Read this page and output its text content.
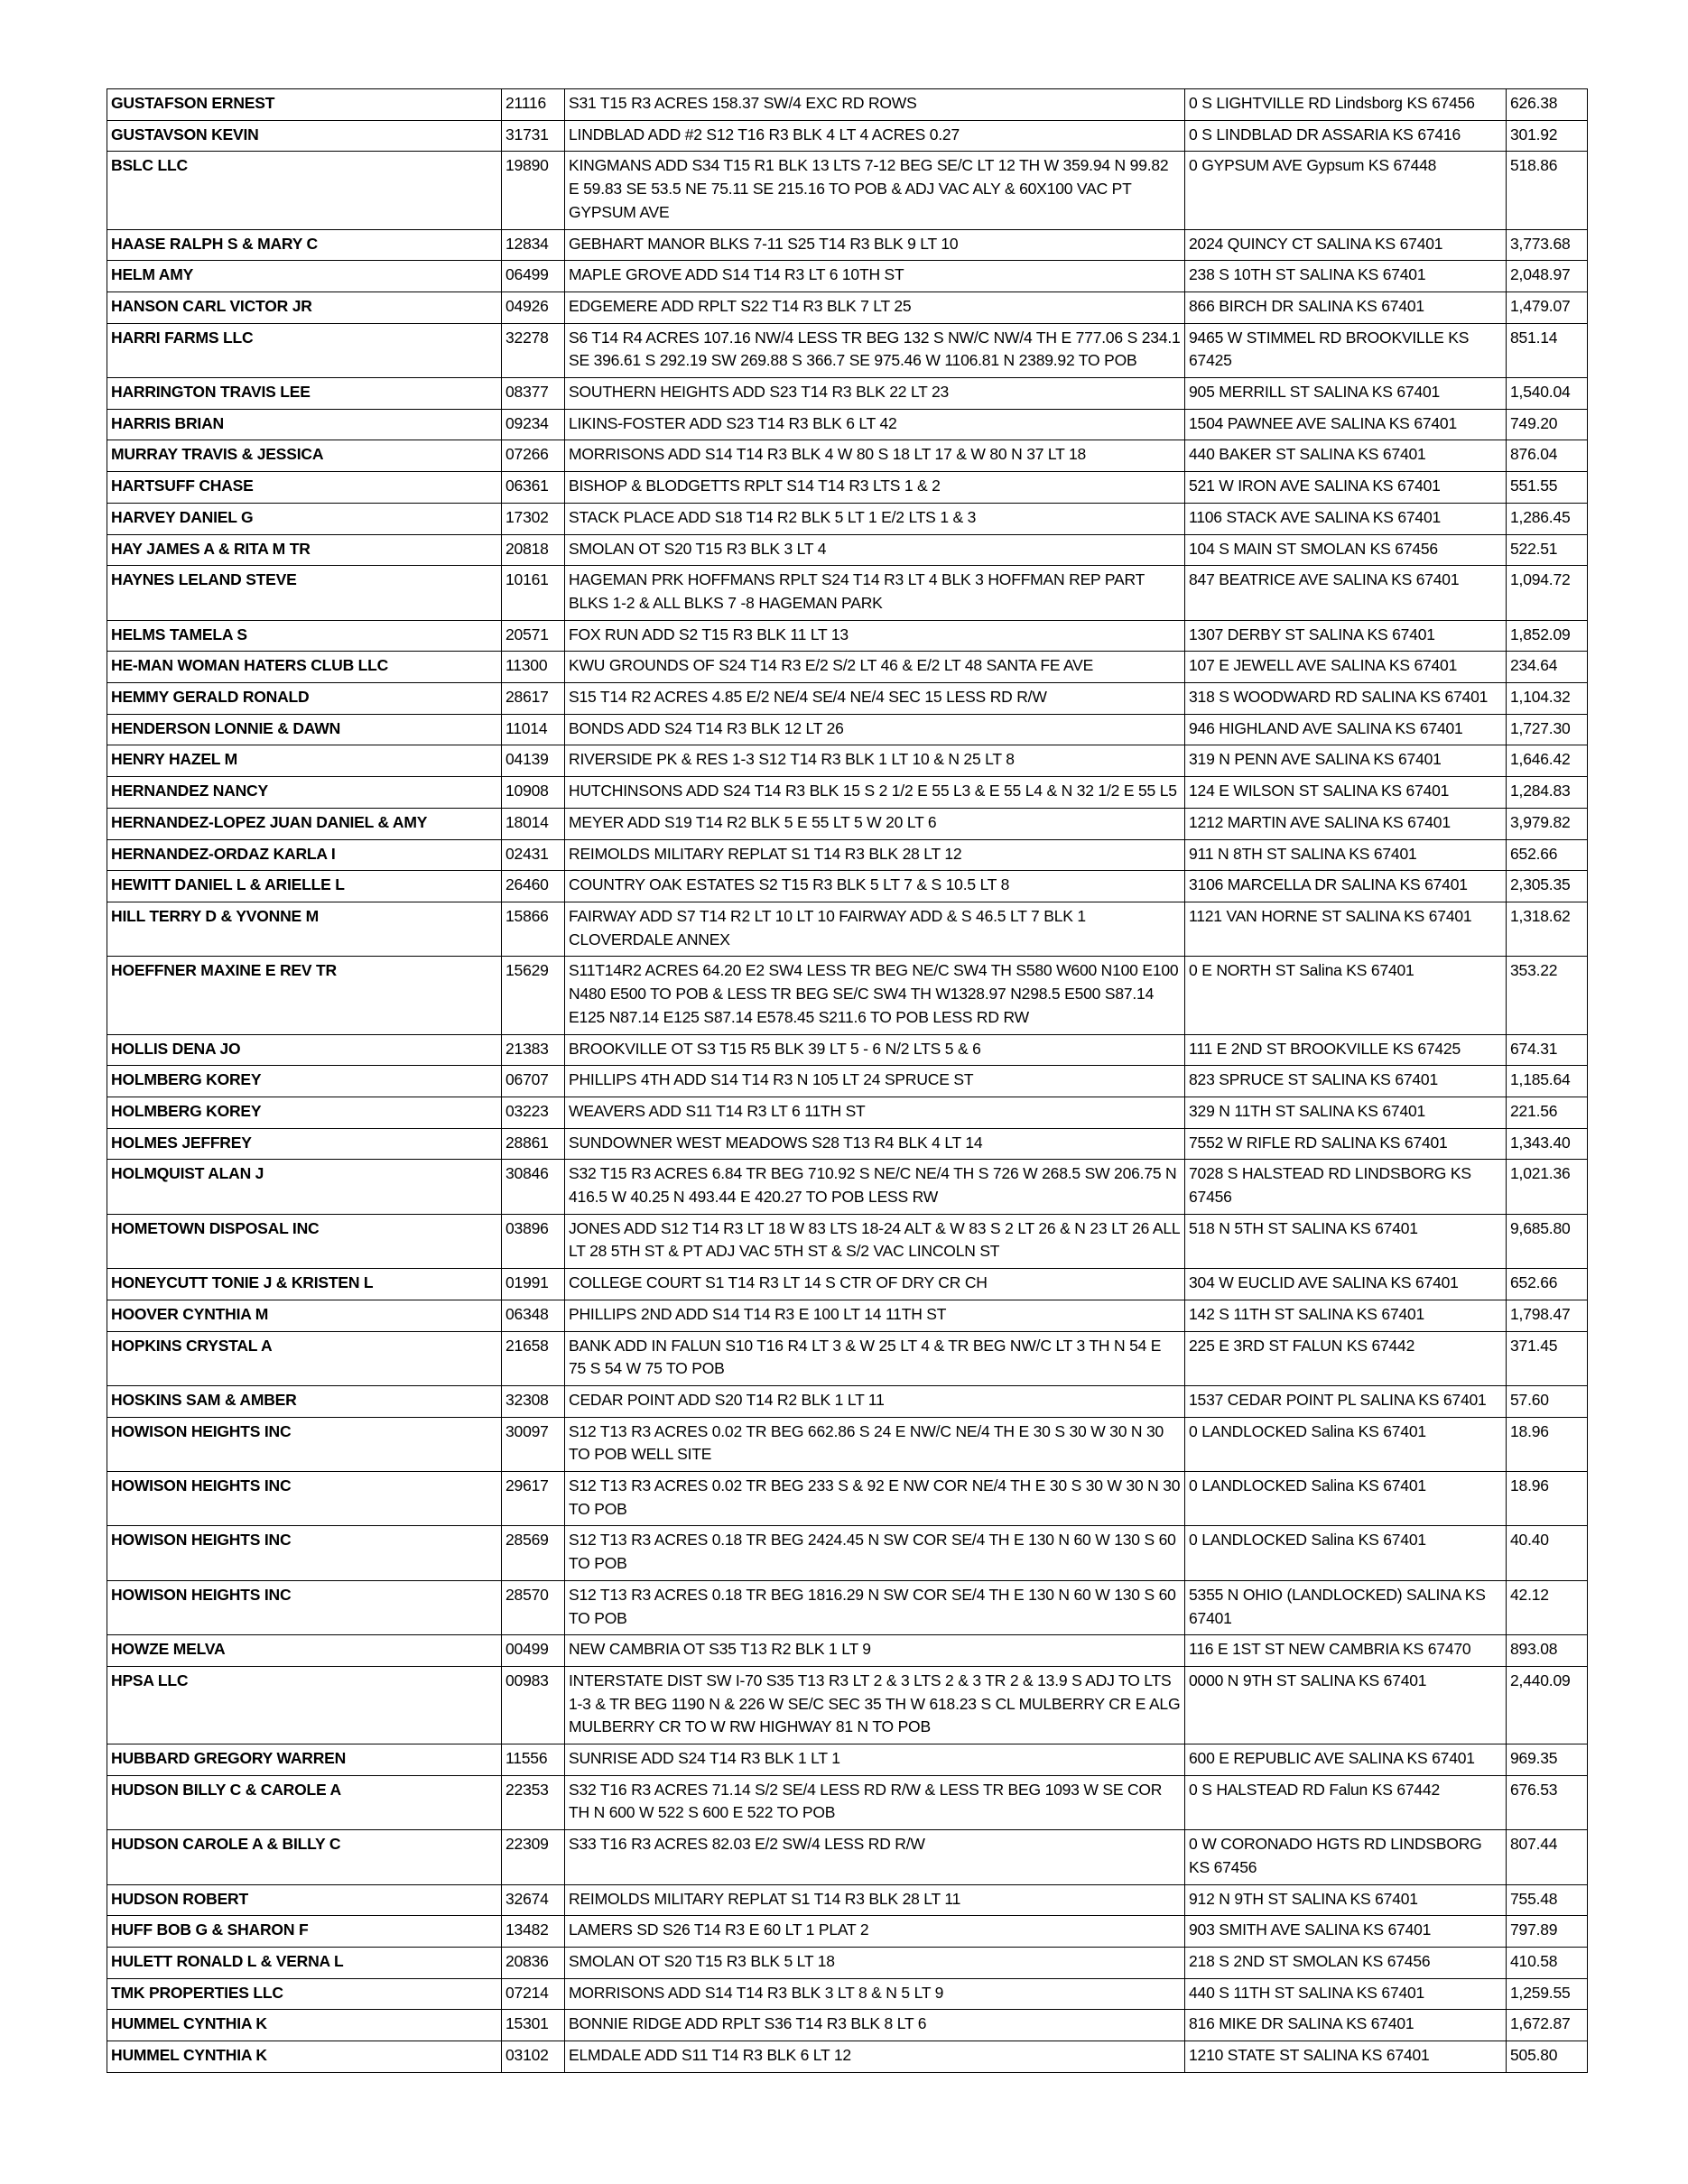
GUSTAFSON ERNEST	21116	S31 T15 R3 ACRES 158.37 SW/4 EXC RD ROWS	0 S LIGHTVILLE RD Lindsborg KS 67456	626.38
GUSTAVSON KEVIN	31731	LINDBLAD ADD #2 S12 T16 R3 BLK 4 LT 4 ACRES 0.27	0 S LINDBLAD DR ASSARIA KS 67416	301.92
BSLC LLC	19890	KINGMANS ADD S34 T15 R1 BLK 13 LTS 7-12 BEG SE/C LT 12 TH W 359.94 N 99.82 E 59.83 SE 53.5 NE 75.11 SE 215.16 TO POB & ADJ VAC ALY & 60X100 VAC PT GYPSUM AVE	0 GYPSUM AVE Gypsum KS 67448	518.86
HAASE RALPH S & MARY C	12834	GEBHART MANOR BLKS 7-11 S25 T14 R3 BLK 9 LT 10	2024 QUINCY CT SALINA KS 67401	3,773.68
HELM AMY	06499	MAPLE GROVE ADD S14 T14 R3 LT 6 10TH ST	238 S 10TH ST SALINA KS 67401	2,048.97
HANSON CARL VICTOR JR	04926	EDGEMERE ADD RPLT S22 T14 R3 BLK 7 LT 25	866 BIRCH DR SALINA KS 67401	1,479.07
HARRI FARMS LLC	32278	S6 T14 R4 ACRES 107.16 NW/4 LESS TR BEG 132 S NW/C NW/4 TH E 777.06 S 234.1 SE 396.61 S 292.19 SW 269.88 S 366.7 SE 975.46 W 1106.81 N 2389.92 TO POB	9465 W STIMMEL RD BROOKVILLE KS 67425	851.14
HARRINGTON TRAVIS LEE	08377	SOUTHERN HEIGHTS ADD S23 T14 R3 BLK 22 LT 23	905 MERRILL ST SALINA KS 67401	1,540.04
HARRIS BRIAN	09234	LIKINS-FOSTER ADD S23 T14 R3 BLK 6 LT 42	1504 PAWNEE AVE SALINA KS 67401	749.20
MURRAY TRAVIS & JESSICA	07266	MORRISONS ADD S14 T14 R3 BLK 4 W 80 S 18 LT 17 & W 80 N 37 LT 18	440 BAKER ST SALINA KS 67401	876.04
HARTSUFF CHASE	06361	BISHOP & BLODGETTS RPLT S14 T14 R3 LTS 1 & 2	521 W IRON AVE SALINA KS 67401	551.55
HARVEY DANIEL G	17302	STACK PLACE ADD S18 T14 R2 BLK 5 LT 1 E/2 LTS 1 & 3	1106 STACK AVE SALINA KS 67401	1,286.45
HAY JAMES A & RITA M TR	20818	SMOLAN OT S20 T15 R3 BLK 3 LT 4	104 S MAIN ST SMOLAN KS 67456	522.51
HAYNES LELAND STEVE	10161	HAGEMAN PRK HOFFMANS RPLT S24 T14 R3 LT 4 BLK 3 HOFFMAN REP PART BLKS 1-2 & ALL BLKS 7 -8 HAGEMAN PARK	847 BEATRICE AVE SALINA KS 67401	1,094.72
HELMS TAMELA S	20571	FOX RUN ADD S2 T15 R3 BLK 11 LT 13	1307 DERBY ST SALINA KS 67401	1,852.09
HE-MAN WOMAN HATERS CLUB LLC	11300	KWU GROUNDS OF S24 T14 R3 E/2 S/2 LT 46 & E/2 LT 48 SANTA FE AVE	107 E JEWELL AVE SALINA KS 67401	234.64
HEMMY GERALD RONALD	28617	S15 T14 R2 ACRES 4.85 E/2 NE/4 SE/4 NE/4 SEC 15 LESS RD R/W	318 S WOODWARD RD SALINA KS 67401	1,104.32
HENDERSON LONNIE & DAWN	11014	BONDS ADD S24 T14 R3 BLK 12 LT 26	946 HIGHLAND AVE SALINA KS 67401	1,727.30
HENRY HAZEL M	04139	RIVERSIDE PK & RES 1-3 S12 T14 R3 BLK 1 LT 10 & N 25 LT 8	319 N PENN AVE SALINA KS 67401	1,646.42
HERNANDEZ NANCY	10908	HUTCHINSONS ADD S24 T14 R3 BLK 15 S 2 1/2 E 55 L3 & E 55 L4 & N 32 1/2 E 55 L5	124 E WILSON ST SALINA KS 67401	1,284.83
HERNANDEZ-LOPEZ JUAN DANIEL & AMY	18014	MEYER ADD S19 T14 R2 BLK 5 E 55 LT 5 W 20 LT 6	1212 MARTIN AVE SALINA KS 67401	3,979.82
HERNANDEZ-ORDAZ KARLA I	02431	REIMOLDS MILITARY REPLAT S1 T14 R3 BLK 28 LT 12	911 N 8TH ST SALINA KS 67401	652.66
HEWITT DANIEL L & ARIELLE L	26460	COUNTRY OAK ESTATES S2 T15 R3 BLK 5 LT 7 & S 10.5 LT 8	3106 MARCELLA DR SALINA KS 67401	2,305.35
HILL TERRY D & YVONNE M	15866	FAIRWAY ADD S7 T14 R2 LT 10 LT 10 FAIRWAY ADD & S 46.5 LT 7 BLK 1 CLOVERDALE ANNEX	1121 VAN HORNE ST SALINA KS 67401	1,318.62
HOEFFNER MAXINE E REV TR	15629	S11T14R2 ACRES 64.20 E2 SW4 LESS TR BEG NE/C SW4 TH S580 W600 N100 E100 N480 E500 TO POB & LESS TR BEG SE/C SW4 TH W1328.97 N298.5 E500 S87.14 E125 N87.14 E125 S87.14 E578.45 S211.6 TO POB LESS RD RW	0 E NORTH ST Salina KS 67401	353.22
HOLLIS DENA JO	21383	BROOKVILLE OT S3 T15 R5 BLK 39 LT 5 - 6 N/2 LTS 5 & 6	111 E 2ND ST BROOKVILLE KS 67425	674.31
HOLMBERG KOREY	06707	PHILLIPS 4TH ADD S14 T14 R3 N 105 LT 24 SPRUCE ST	823 SPRUCE ST SALINA KS 67401	1,185.64
HOLMBERG KOREY	03223	WEAVERS ADD S11 T14 R3 LT 6 11TH ST	329 N 11TH ST SALINA KS 67401	221.56
HOLMES JEFFREY	28861	SUNDOWNER WEST MEADOWS S28 T13 R4 BLK 4 LT 14	7552 W RIFLE RD SALINA KS 67401	1,343.40
HOLMQUIST ALAN J	30846	S32 T15 R3 ACRES 6.84 TR BEG 710.92 S NE/C NE/4 TH S 726 W 268.5 SW 206.75 N 416.5 W 40.25 N 493.44 E 420.27 TO POB LESS RW	7028 S HALSTEAD RD LINDSBORG KS 67456	1,021.36
HOMETOWN DISPOSAL INC	03896	JONES ADD S12 T14 R3 LT 18 W 83 LTS 18-24 ALT & W 83 S 2 LT 26 & N 23 LT 26 ALL LT 28 5TH ST & PT ADJ VAC 5TH ST & S/2 VAC LINCOLN ST	518 N 5TH ST SALINA KS 67401	9,685.80
HONEYCUTT TONIE J & KRISTEN L	01991	COLLEGE COURT S1 T14 R3 LT 14 S CTR OF DRY CR CH	304 W EUCLID AVE SALINA KS 67401	652.66
HOOVER CYNTHIA M	06348	PHILLIPS 2ND ADD S14 T14 R3 E 100 LT 14 11TH ST	142 S 11TH ST SALINA KS 67401	1,798.47
HOPKINS CRYSTAL A	21658	BANK ADD IN FALUN S10 T16 R4 LT 3 & W 25 LT 4 & TR BEG NW/C LT 3 TH N 54 E 75 S 54 W 75 TO POB	225 E 3RD ST FALUN KS 67442	371.45
HOSKINS SAM & AMBER	32308	CEDAR POINT ADD S20 T14 R2 BLK 1 LT 11	1537 CEDAR POINT PL SALINA KS 67401	57.60
HOWISON HEIGHTS INC	30097	S12 T13 R3 ACRES 0.02 TR BEG 662.86 S 24 E NW/C NE/4 TH E 30 S 30 W 30 N 30 TO POB WELL SITE	0 LANDLOCKED Salina KS 67401	18.96
HOWISON HEIGHTS INC	29617	S12 T13 R3 ACRES 0.02 TR BEG 233 S & 92 E NW COR NE/4 TH E 30 S 30 W 30 N 30 TO POB	0 LANDLOCKED Salina KS 67401	18.96
HOWISON HEIGHTS INC	28569	S12 T13 R3 ACRES 0.18 TR BEG 2424.45 N SW COR SE/4 TH E 130 N 60 W 130 S 60 TO POB	0 LANDLOCKED Salina KS 67401	40.40
HOWISON HEIGHTS INC	28570	S12 T13 R3 ACRES 0.18 TR BEG 1816.29 N SW COR SE/4 TH E 130 N 60 W 130 S 60 TO POB	5355 N OHIO (LANDLOCKED) SALINA KS 67401	42.12
HOWZE MELVA	00499	NEW CAMBRIA OT S35 T13 R2 BLK 1 LT 9	116 E 1ST ST NEW CAMBRIA KS 67470	893.08
HPSA LLC	00983	INTERSTATE DIST SW I-70 S35 T13 R3 LT 2 & 3 LTS 2 & 3 TR 2 & 13.9 S ADJ TO LTS 1-3 & TR BEG 1190 N & 226 W SE/C SEC 35 TH W 618.23 S CL MULBERRY CR E ALG MULBERRY CR TO W RW HIGHWAY 81 N TO POB	0000 N 9TH ST SALINA KS 67401	2,440.09
HUBBARD GREGORY WARREN	11556	SUNRISE ADD S24 T14 R3 BLK 1 LT 1	600 E REPUBLIC AVE SALINA KS 67401	969.35
HUDSON BILLY C & CAROLE A	22353	S32 T16 R3 ACRES 71.14 S/2 SE/4 LESS RD R/W & LESS TR BEG 1093 W SE COR TH N 600 W 522 S 600 E 522 TO POB	0 S HALSTEAD RD Falun KS 67442	676.53
HUDSON CAROLE A & BILLY C	22309	S33 T16 R3 ACRES 82.03 E/2 SW/4 LESS RD R/W	0 W CORONADO HGTS RD LINDSBORG KS 67456	807.44
HUDSON ROBERT	32674	REIMOLDS MILITARY REPLAT S1 T14 R3 BLK 28 LT 11	912 N 9TH ST SALINA KS 67401	755.48
HUFF BOB G & SHARON F	13482	LAMERS SD S26 T14 R3 E 60 LT 1 PLAT 2	903 SMITH AVE SALINA KS 67401	797.89
HULETT RONALD L & VERNA L	20836	SMOLAN OT S20 T15 R3 BLK 5 LT 18	218 S 2ND ST SMOLAN KS 67456	410.58
TMK PROPERTIES LLC	07214	MORRISONS ADD S14 T14 R3 BLK 3 LT 8 & N 5 LT 9	440 S 11TH ST SALINA KS 67401	1,259.55
HUMMEL CYNTHIA K	15301	BONNIE RIDGE ADD RPLT S36 T14 R3 BLK 8 LT 6	816 MIKE DR SALINA KS 67401	1,672.87
HUMMEL CYNTHIA K	03102	ELMDALE ADD S11 T14 R3 BLK 6 LT 12	1210 STATE ST SALINA KS 67401	505.80
